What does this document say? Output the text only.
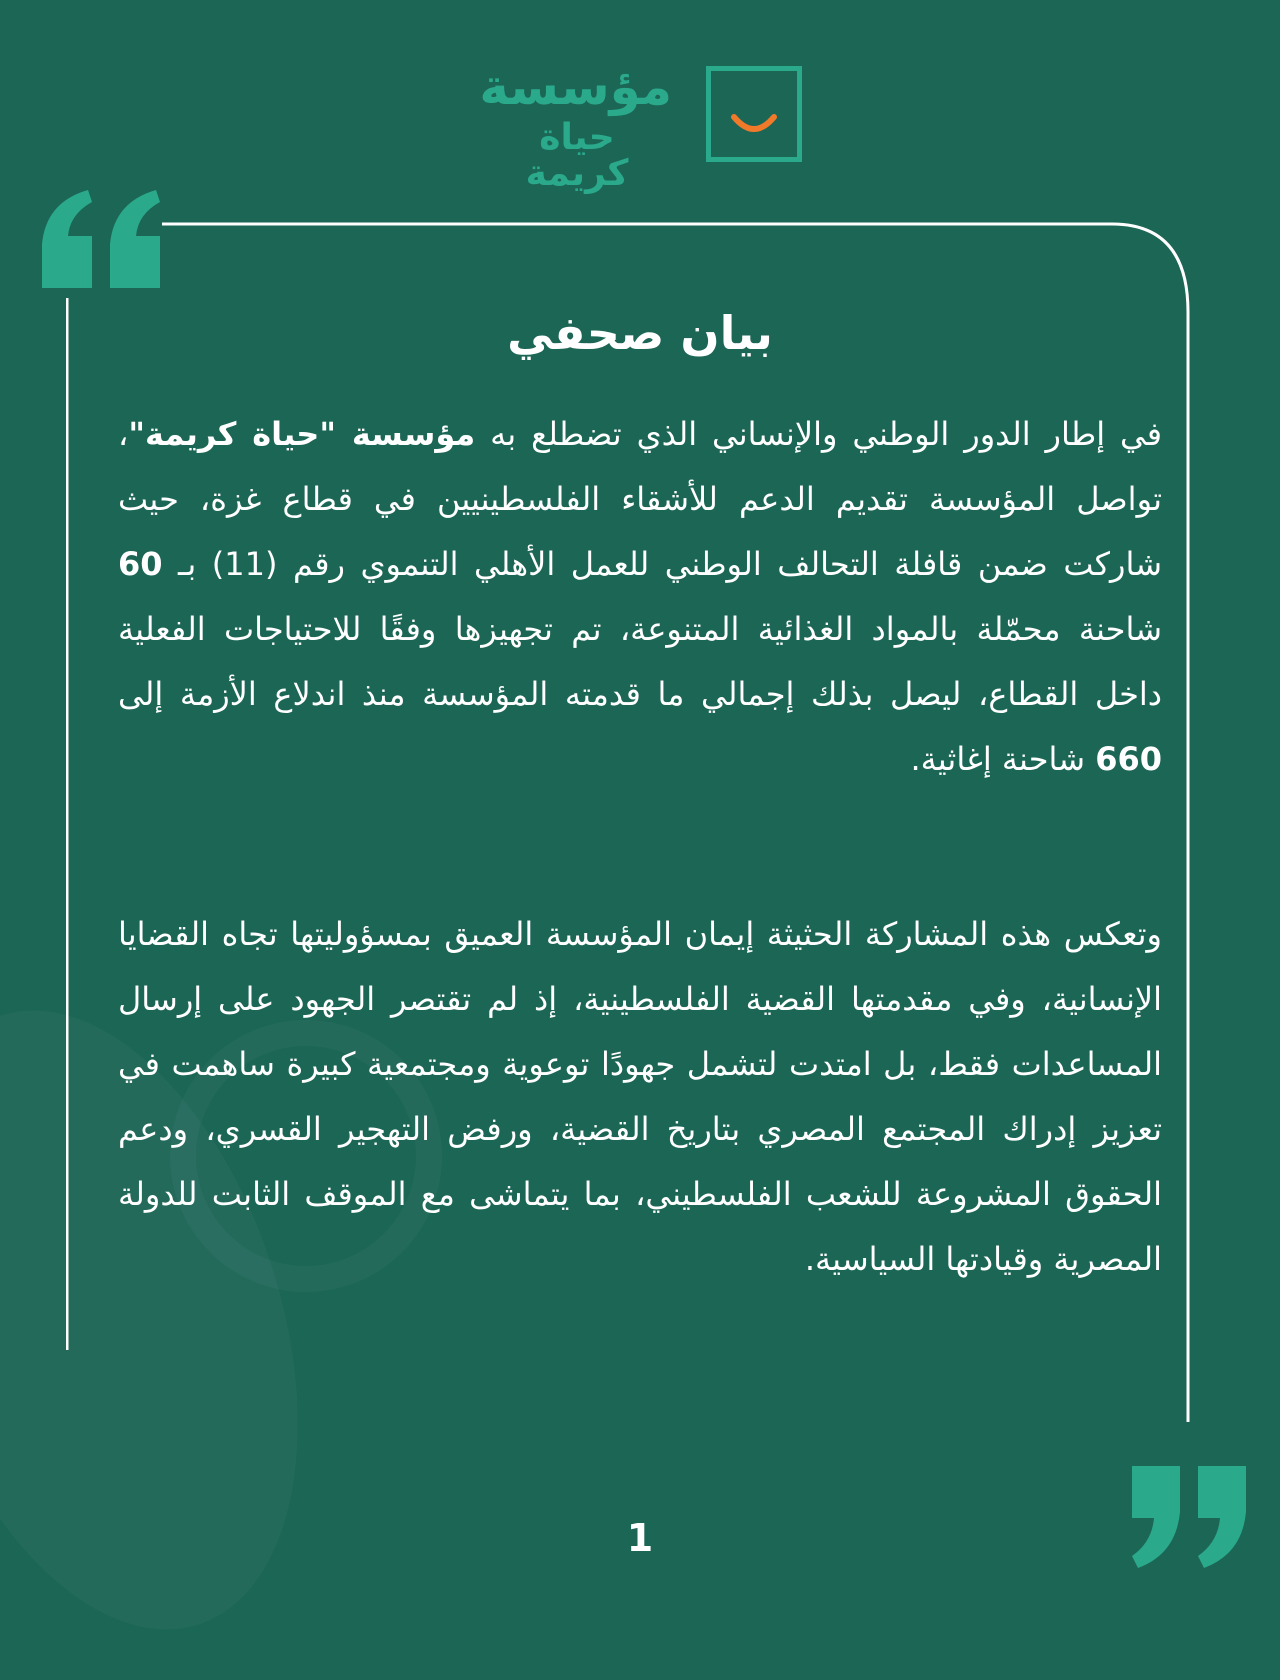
مؤسسة
حياة كريمة
بيان صحفي

في إطار الدور الوطني والإنساني الذي تضطلع به مؤسسة "حياة كريمة"، تواصل المؤسسة تقديم الدعم للأشقاء الفلسطينيين في قطاع غزة، حيث شاركت ضمن قافلة التحالف الوطني للعمل الأهلي التنموي رقم (11) بـ 60 شاحنة محمّلة بالمواد الغذائية المتنوعة، تم تجهيزها وفقًا للاحتياجات الفعلية داخل القطاع، ليصل بذلك إجمالي ما قدمته المؤسسة منذ اندلاع الأزمة إلى 660 شاحنة إغاثية.

وتعكس هذه المشاركة الحثيثة إيمان المؤسسة العميق بمسؤوليتها تجاه القضايا الإنسانية، وفي مقدمتها القضية الفلسطينية، إذ لم تقتصر الجهود على إرسال المساعدات فقط، بل امتدت لتشمل جهودًا توعوية ومجتمعية كبيرة ساهمت في تعزيز إدراك المجتمع المصري بتاريخ القضية، ورفض التهجير القسري، ودعم الحقوق المشروعة للشعب الفلسطيني، بما يتماشى مع الموقف الثابت للدولة المصرية وقيادتها السياسية.

1
